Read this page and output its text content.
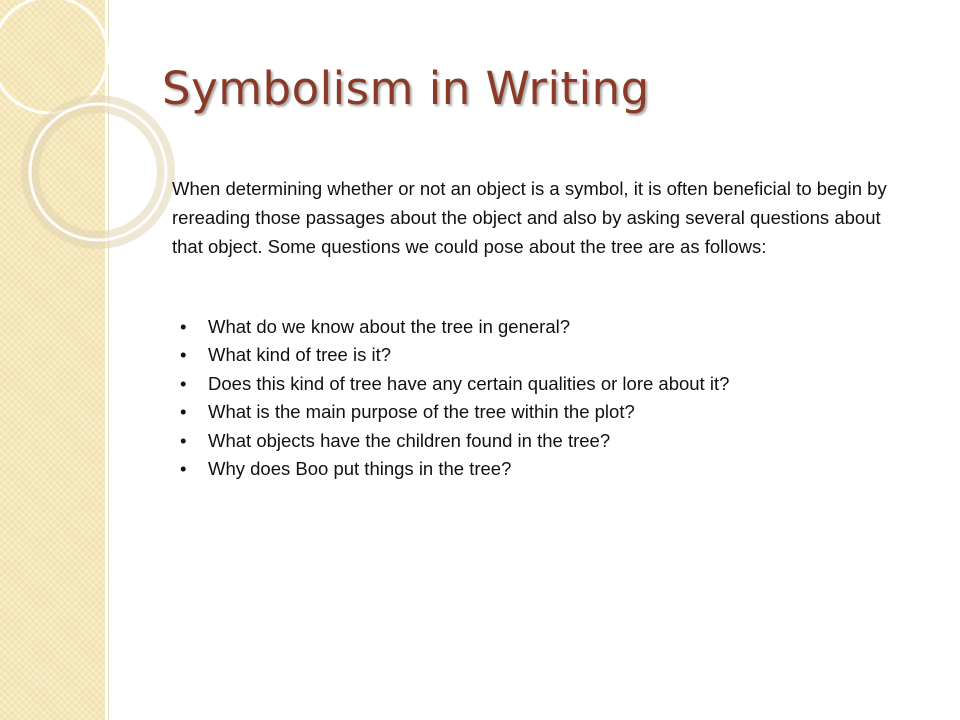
Symbolism in Writing

When determining whether or not an object is a symbol, it is often beneficial to begin by rereading those passages about the object and also by asking several questions about that object. Some questions we could pose about the tree are as follows:

•	What do we know about the tree in general?
•	What kind of tree is it?
•	Does this kind of tree have any certain qualities or lore about it?
•	What is the main purpose of the tree within the plot?
•	What objects have the children found in the tree?
•	Why does Boo put things in the tree?
